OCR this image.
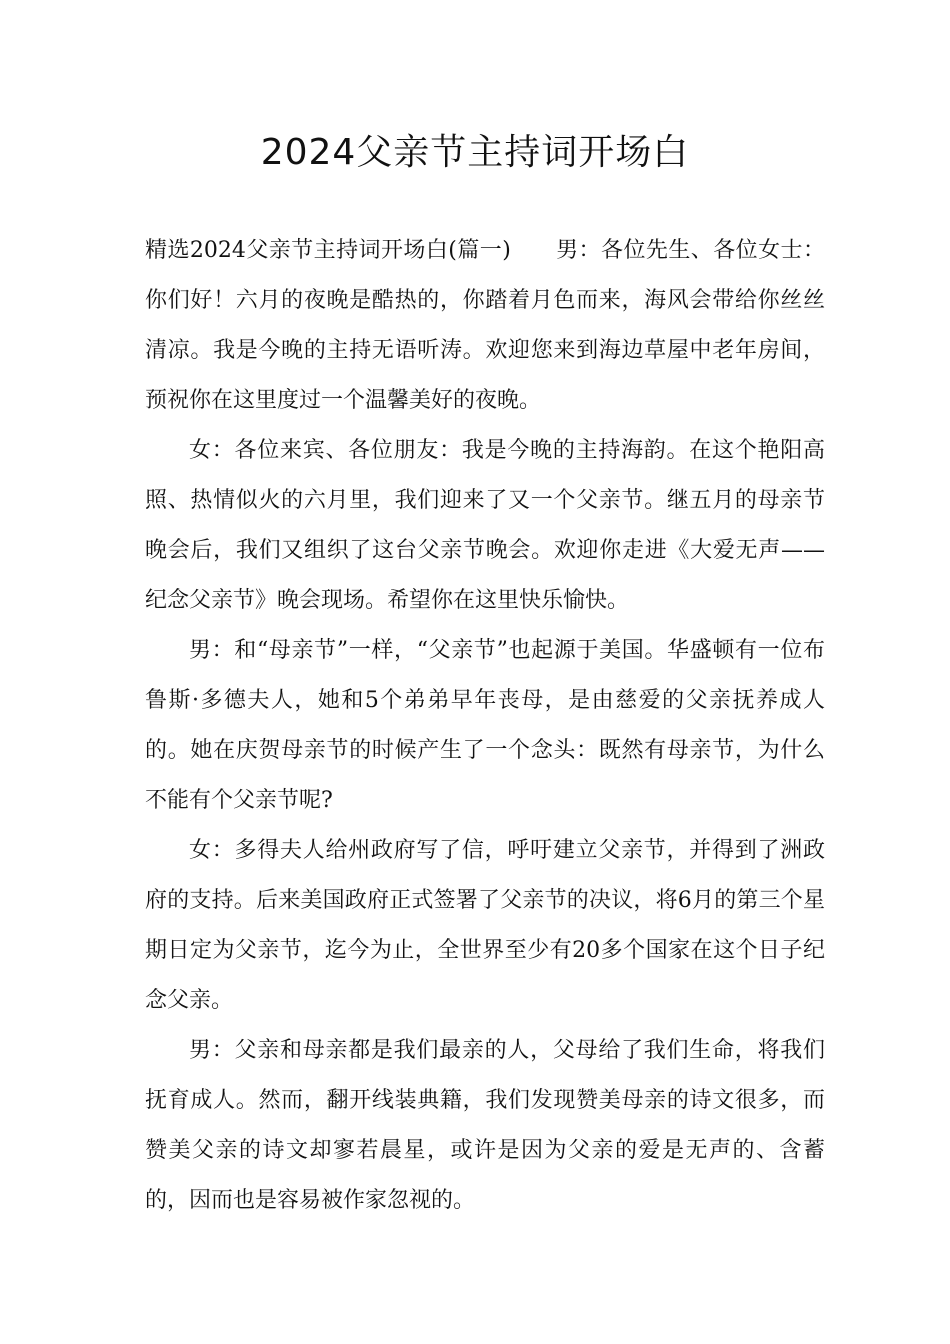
2024父亲节主持词开场白

精选2024父亲节主持词开场白(篇一)　　男：各位先生、各位女士：你们好！六月的夜晚是酷热的，你踏着月色而来，海风会带给你丝丝清凉。我是今晚的主持无语听涛。欢迎您来到海边草屋中老年房间，预祝你在这里度过一个温馨美好的夜晚。

女：各位来宾、各位朋友：我是今晚的主持海韵。在这个艳阳高照、热情似火的六月里，我们迎来了又一个父亲节。继五月的母亲节晚会后，我们又组织了这台父亲节晚会。欢迎你走进《大爱无声——纪念父亲节》晚会现场。希望你在这里快乐愉快。

男：和“母亲节”一样，“父亲节”也起源于美国。华盛顿有一位布鲁斯·多德夫人，她和5个弟弟早年丧母，是由慈爱的父亲抚养成人的。她在庆贺母亲节的时候产生了一个念头：既然有母亲节，为什么不能有个父亲节呢?

女：多得夫人给州政府写了信，呼吁建立父亲节，并得到了洲政府的支持。后来美国政府正式签署了父亲节的决议，将6月的第三个星期日定为父亲节，迄今为止，全世界至少有20多个国家在这个日子纪念父亲。

男：父亲和母亲都是我们最亲的人，父母给了我们生命，将我们抚育成人。然而，翻开线装典籍，我们发现赞美母亲的诗文很多，而赞美父亲的诗文却寥若晨星，或许是因为父亲的爱是无声的、含蓄的，因而也是容易被作家忽视的。
